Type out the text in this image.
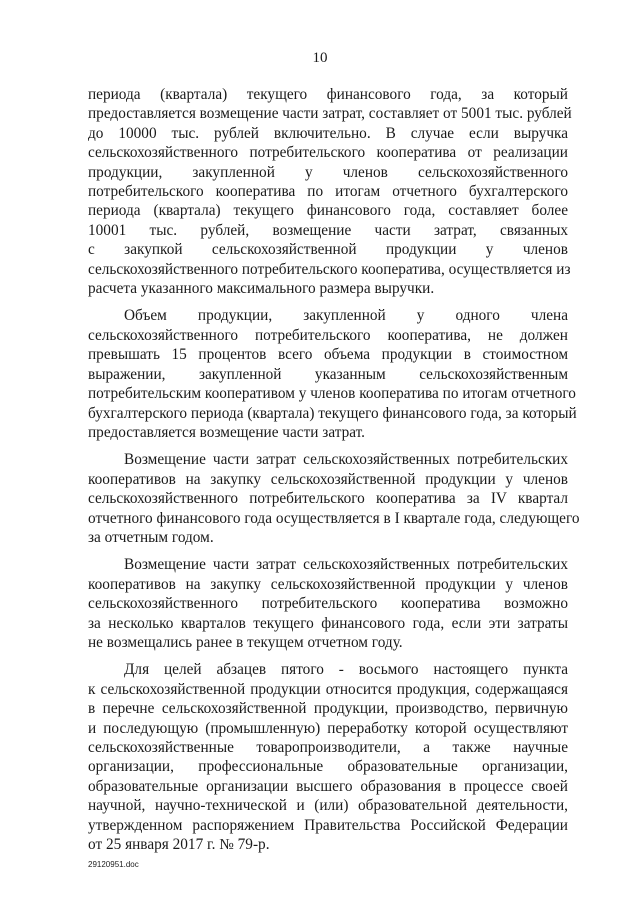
10

периода (квартала) текущего финансового года, за который
предоставляется возмещение части затрат, составляет от 5001 тыс. рублей
до 10000 тыс. рублей включительно. В случае если выручка
сельскохозяйственного потребительского кооператива от реализации
продукции, закупленной у членов сельскохозяйственного
потребительского кооператива по итогам отчетного бухгалтерского
периода (квартала) текущего финансового года, составляет более
10001 тыс. рублей, возмещение части затрат, связанных
с закупкой сельскохозяйственной продукции у членов
сельскохозяйственного потребительского кооператива, осуществляется из
расчета указанного максимального размера выручки.

Объем продукции, закупленной у одного члена
сельскохозяйственного потребительского кооператива, не должен
превышать 15 процентов всего объема продукции в стоимостном
выражении, закупленной указанным сельскохозяйственным
потребительским кооперативом у членов кооператива по итогам отчетного
бухгалтерского периода (квартала) текущего финансового года, за который
предоставляется возмещение части затрат.

Возмещение части затрат сельскохозяйственных потребительских
кооперативов на закупку сельскохозяйственной продукции у членов
сельскохозяйственного потребительского кооператива за IV квартал
отчетного финансового года осуществляется в I квартале года, следующего
за отчетным годом.

Возмещение части затрат сельскохозяйственных потребительских
кооперативов на закупку сельскохозяйственной продукции у членов
сельскохозяйственного потребительского кооператива возможно
за несколько кварталов текущего финансового года, если эти затраты
не возмещались ранее в текущем отчетном году.

Для целей абзацев пятого - восьмого настоящего пункта
к сельскохозяйственной продукции относится продукция, содержащаяся
в перечне сельскохозяйственной продукции, производство, первичную
и последующую (промышленную) переработку которой осуществляют
сельскохозяйственные товаропроизводители, а также научные
организации, профессиональные образовательные организации,
образовательные организации высшего образования в процессе своей
научной, научно-технической и (или) образовательной деятельности,
утвержденном распоряжением Правительства Российской Федерации
от 25 января 2017 г. № 79-р.

29120951.doc
